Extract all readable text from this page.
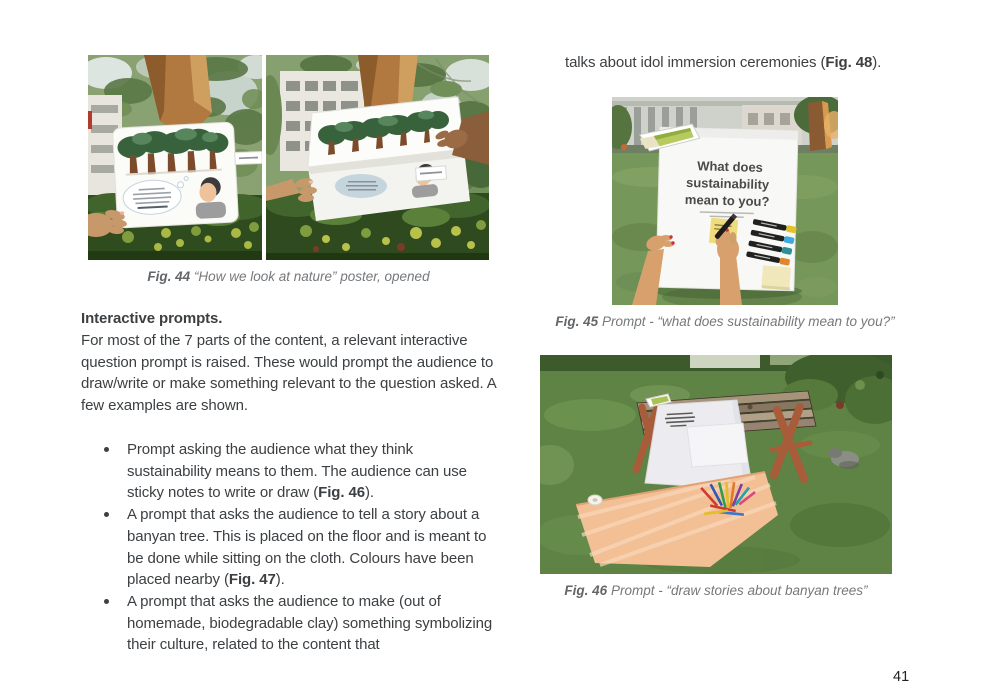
Fig. 44 “How we look at nature” poster, opened
Interactive prompts.
For most of the 7 parts of the content, a relevant interactive question prompt is raised. These would prompt the audience to draw/write or make something relevant to the question asked. A few examples are shown.
Prompt asking the audience what they think sustainability means to them. The audience can use sticky notes to write or draw (Fig. 46).
A prompt that asks the audience to tell a story about a banyan tree. This is placed on the floor and is meant to be done while sitting on the cloth. Colours have been placed nearby (Fig. 47).
A prompt that asks the audience to make (out of homemade, biodegradable clay) something symbolizing their culture, related to the content that
talks about idol immersion ceremonies (Fig. 48).
What does
sustainability
mean to you?
Fig. 45 Prompt - “what does sustainability mean to you?”
Fig. 46 Prompt - “draw stories about banyan trees”
41
